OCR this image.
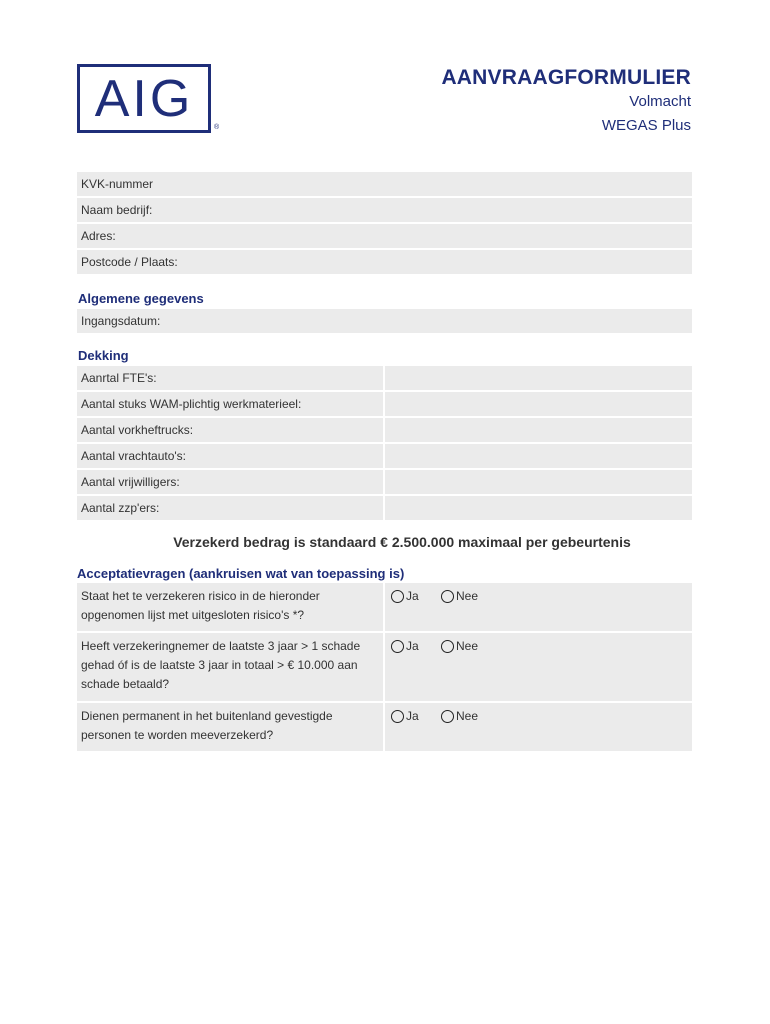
AIG	®
AANVRAAGFORMULIER
Volmacht
WEGAS Plus
KVK-nummer
Naam bedrijf:
Adres:
Postcode / Plaats:
Algemene gegevens
Ingangsdatum:
Dekking
Aanrtal FTE's:
Aantal stuks WAM-plichtig werkmaterieel:
Aantal vorkheftrucks:
Aantal vrachtauto's:
Aantal vrijwilligers:
Aantal zzp'ers:
Verzekerd bedrag is standaard € 2.500.000 maximaal per gebeurtenis
Acceptatievragen (aankruisen wat van toepassing is)
Staat het te verzekeren risico in de hieronder opgenomen lijst met uitgesloten risico's *?
Ja	Nee
Heeft verzekeringnemer de laatste 3 jaar > 1 schade gehad óf is de laatste 3 jaar in totaal > € 10.000 aan schade betaald?
Ja	Nee
Dienen permanent in het buitenland gevestigde personen te worden meeverzekerd?
Ja	Nee
